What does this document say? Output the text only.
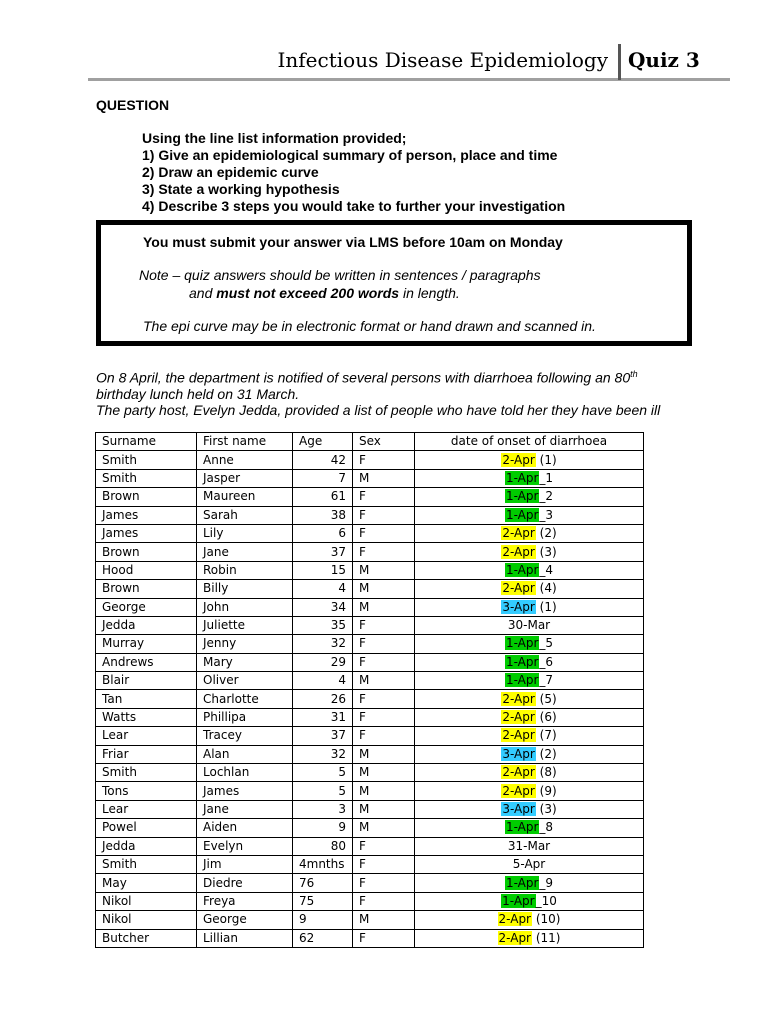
Infectious Disease Epidemiology Quiz 3
QUESTION
Using the line list information provided;
1) Give an epidemiological summary of person, place and time
2) Draw an epidemic curve
3) State a working hypothesis
4) Describe 3 steps you would take to further your investigation
You must submit your answer via LMS before 10am on Monday
Note – quiz answers should be written in sentences / paragraphs
and must not exceed 200 words in length.
The epi curve may be in electronic format or hand drawn and scanned in.

On 8 April, the department is notified of several persons with diarrhoea following an 80th

birthday lunch held on 31 March.

The party host, Evelyn Jedda, provided a list of people who have told her they have been ill

Surname	First name	Age	Sex	date of onset of diarrhoea
Smith	Anne	42	F	2-Apr (1)
Smith	Jasper	7	M	1-Apr_1
Brown	Maureen	61	F	1-Apr_2
James	Sarah	38	F	1-Apr_3
James	Lily	6	F	2-Apr (2)
Brown	Jane	37	F	2-Apr (3)
Hood	Robin	15	M	1-Apr_4
Brown	Billy	4	M	2-Apr (4)
George	John	34	M	3-Apr (1)
Jedda	Juliette	35	F	30-Mar
Murray	Jenny	32	F	1-Apr_5
Andrews	Mary	29	F	1-Apr_6
Blair	Oliver	4	M	1-Apr_7
Tan	Charlotte	26	F	2-Apr (5)
Watts	Phillipa	31	F	2-Apr (6)
Lear	Tracey	37	F	2-Apr (7)
Friar	Alan	32	M	3-Apr (2)
Smith	Lochlan	5	M	2-Apr (8)
Tons	James	5	M	2-Apr (9)
Lear	Jane	3	M	3-Apr (3)
Powel	Aiden	9	M	1-Apr_8
Jedda	Evelyn	80	F	31-Mar
Smith	Jim	4mnths	F	5-Apr
May	Diedre	76	F	1-Apr_9
Nikol	Freya	75	F	1-Apr_10
Nikol	George	9	M	2-Apr (10)
Butcher	Lillian	62	F	2-Apr (11)
